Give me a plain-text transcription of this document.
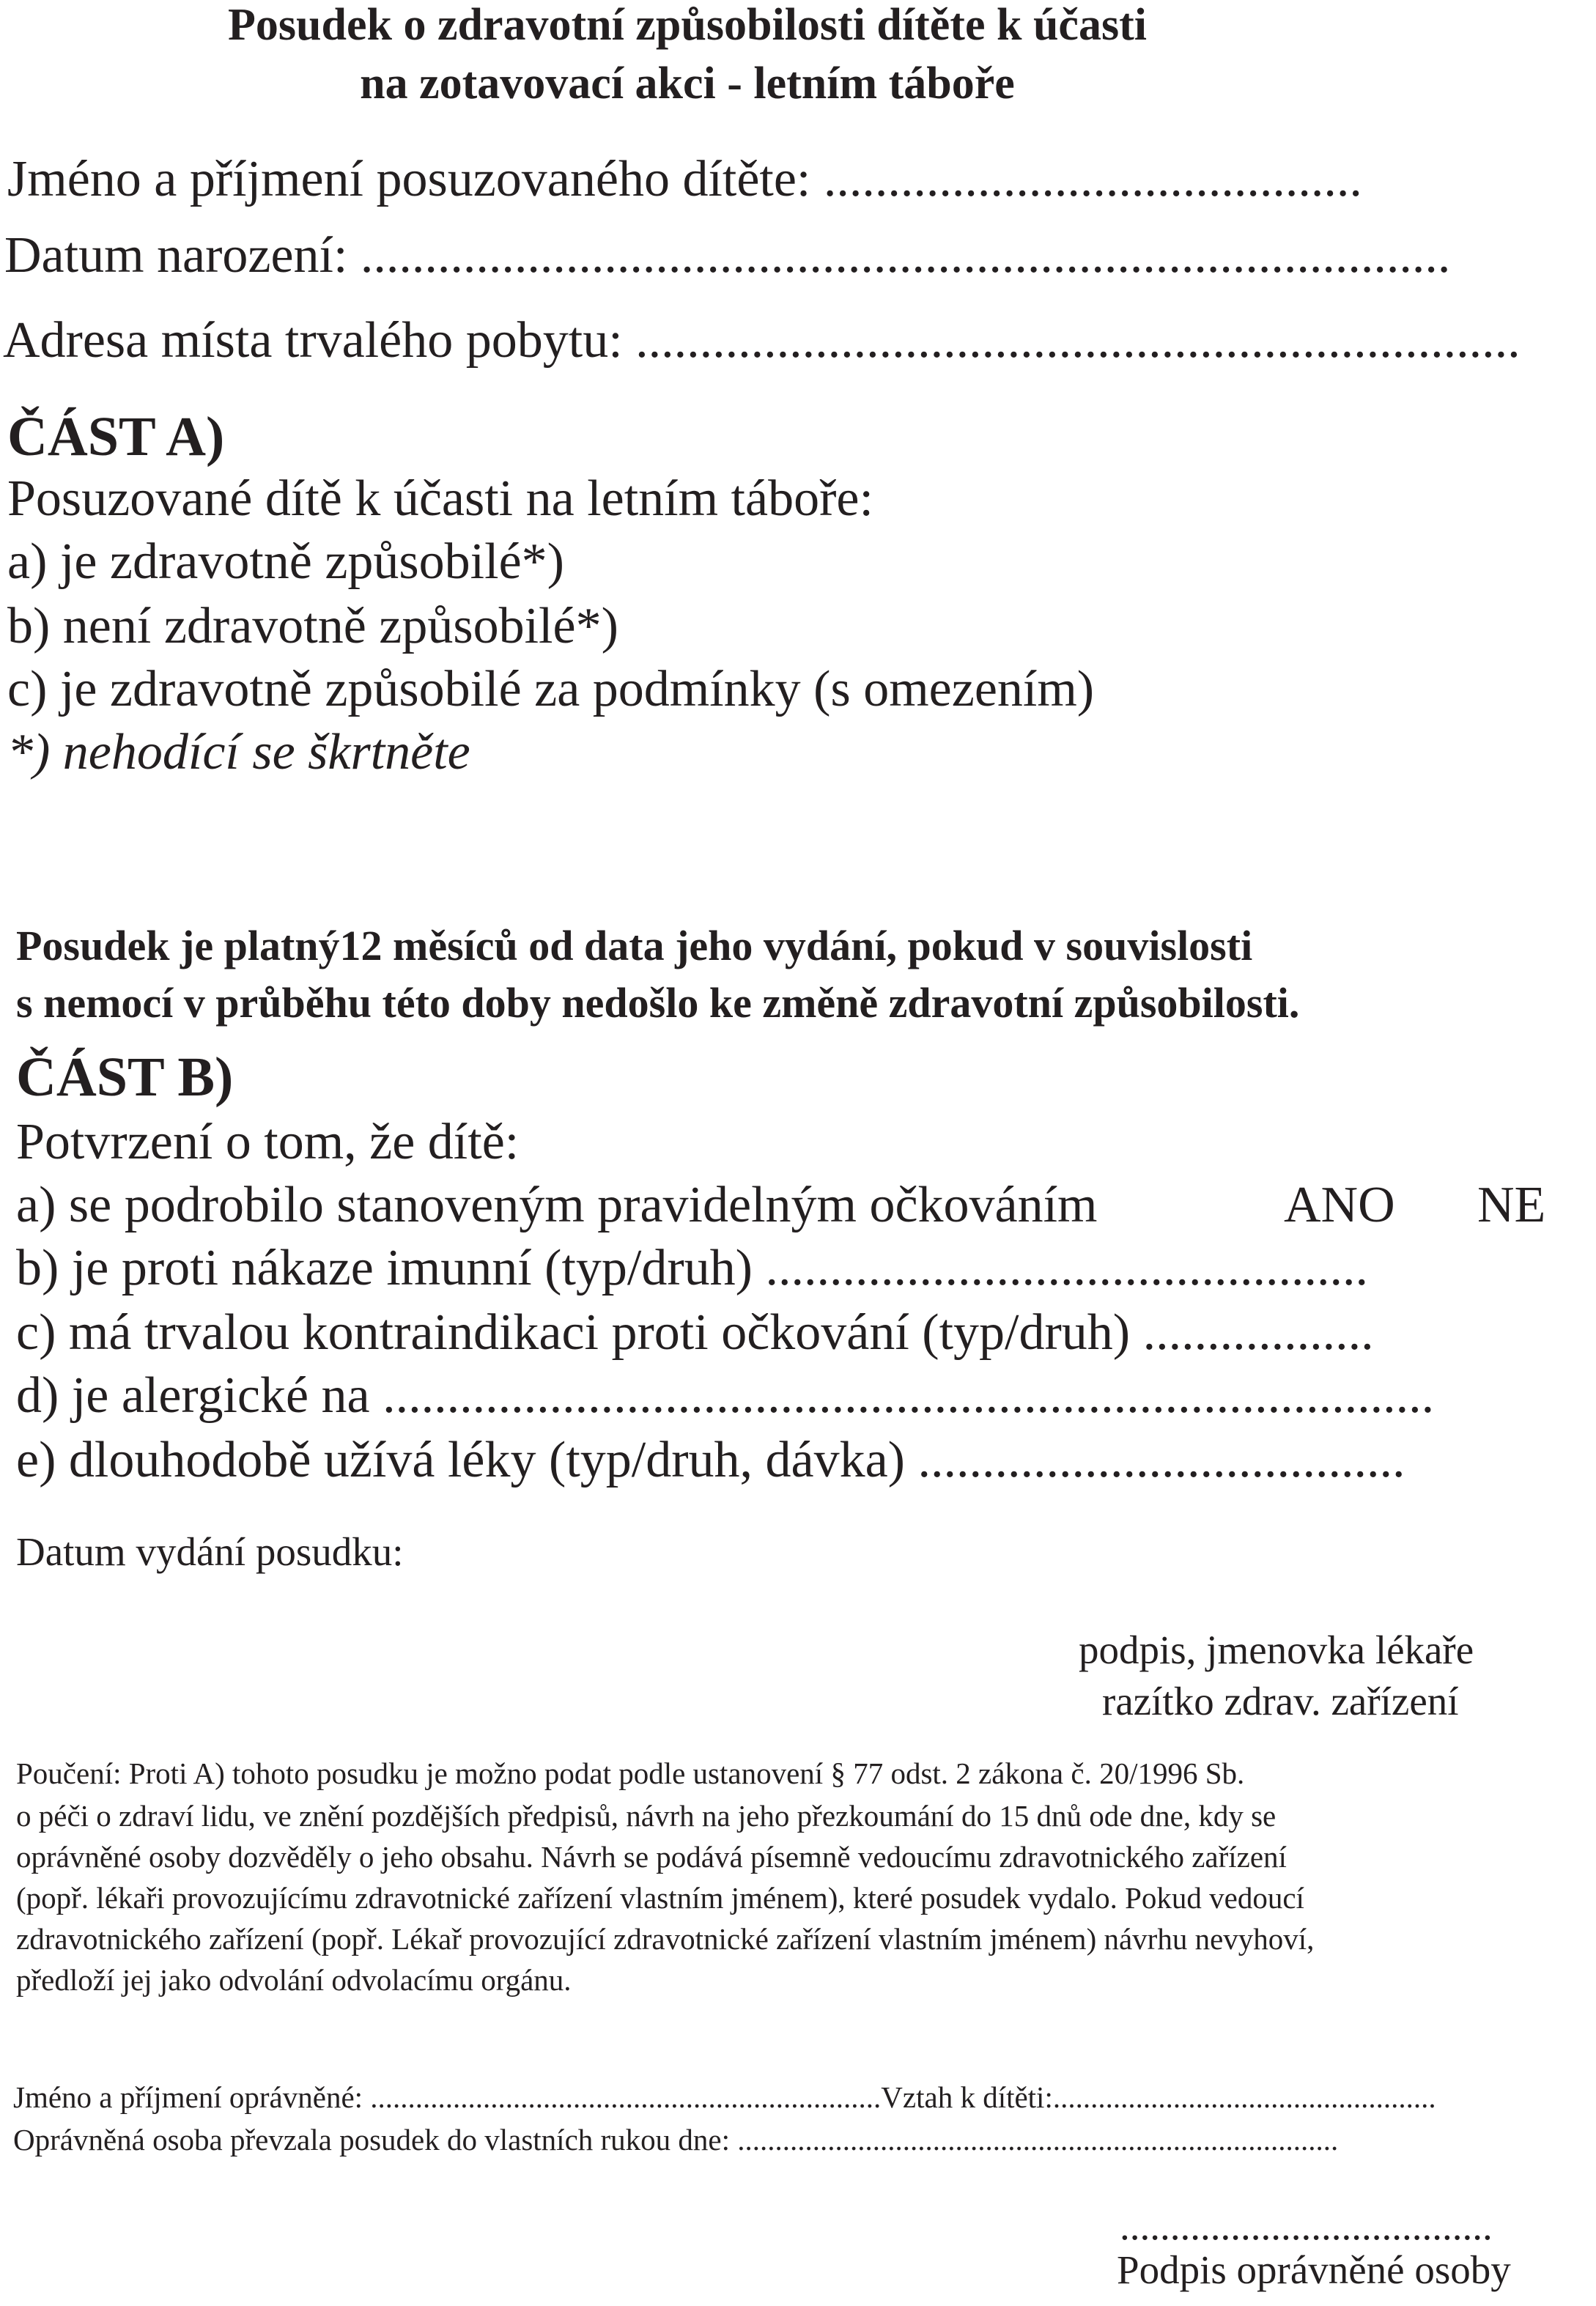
Posudek o zdravotní způsobilosti dítěte k účasti
na zotavovací akci - letním táboře
Jméno a příjmení posuzovaného dítěte: ..........................................
Datum narození: .....................................................................................
Adresa místa trvalého pobytu: .....................................................................
ČÁST A)
Posuzované dítě k účasti na letním táboře:
a) je zdravotně způsobilé*)
b) není zdravotně způsobilé*)
c) je zdravotně způsobilé za podmínky (s omezením)
*) nehodící se škrtněte
Posudek je platný12 měsíců od data jeho vydání, pokud v souvislosti
s nemocí v průběhu této doby nedošlo ke změně zdravotní způsobilosti.
ČÁST B)
Potvrzení o tom, že dítě:
a) se podrobilo stanoveným pravidelným očkováním	ANO NE
b) je proti nákaze imunní (typ/druh) ...............................................
c) má trvalou kontraindikaci proti očkování (typ/druh) ..................
d) je alergické na ..................................................................................
e) dlouhodobě užívá léky (typ/druh, dávka) ......................................
Datum vydání posudku:
podpis, jmenovka lékaře
razítko zdrav. zařízení
Poučení: Proti A) tohoto posudku je možno podat podle ustanovení § 77 odst. 2 zákona č. 20/1996 Sb.
o péči o zdraví lidu, ve znění pozdějších předpisů, návrh na jeho přezkoumání do 15 dnů ode dne, kdy se
oprávněné osoby dozvěděly o jeho obsahu. Návrh se podává písemně vedoucímu zdravotnického zařízení
(popř. lékaři provozujícímu zdravotnické zařízení vlastním jménem), které posudek vydalo. Pokud vedoucí
zdravotnického zařízení (popř. Lékař provozující zdravotnické zařízení vlastním jménem) návrhu nevyhoví,
předloží jej jako odvolání odvolacímu orgánu.
Jméno a příjmení oprávněné: ....................................................................Vztah k dítěti:...................................................
Oprávněná osoba převzala posudek do vlastních rukou dne: ................................................................................
.....................................
Podpis oprávněné osoby
